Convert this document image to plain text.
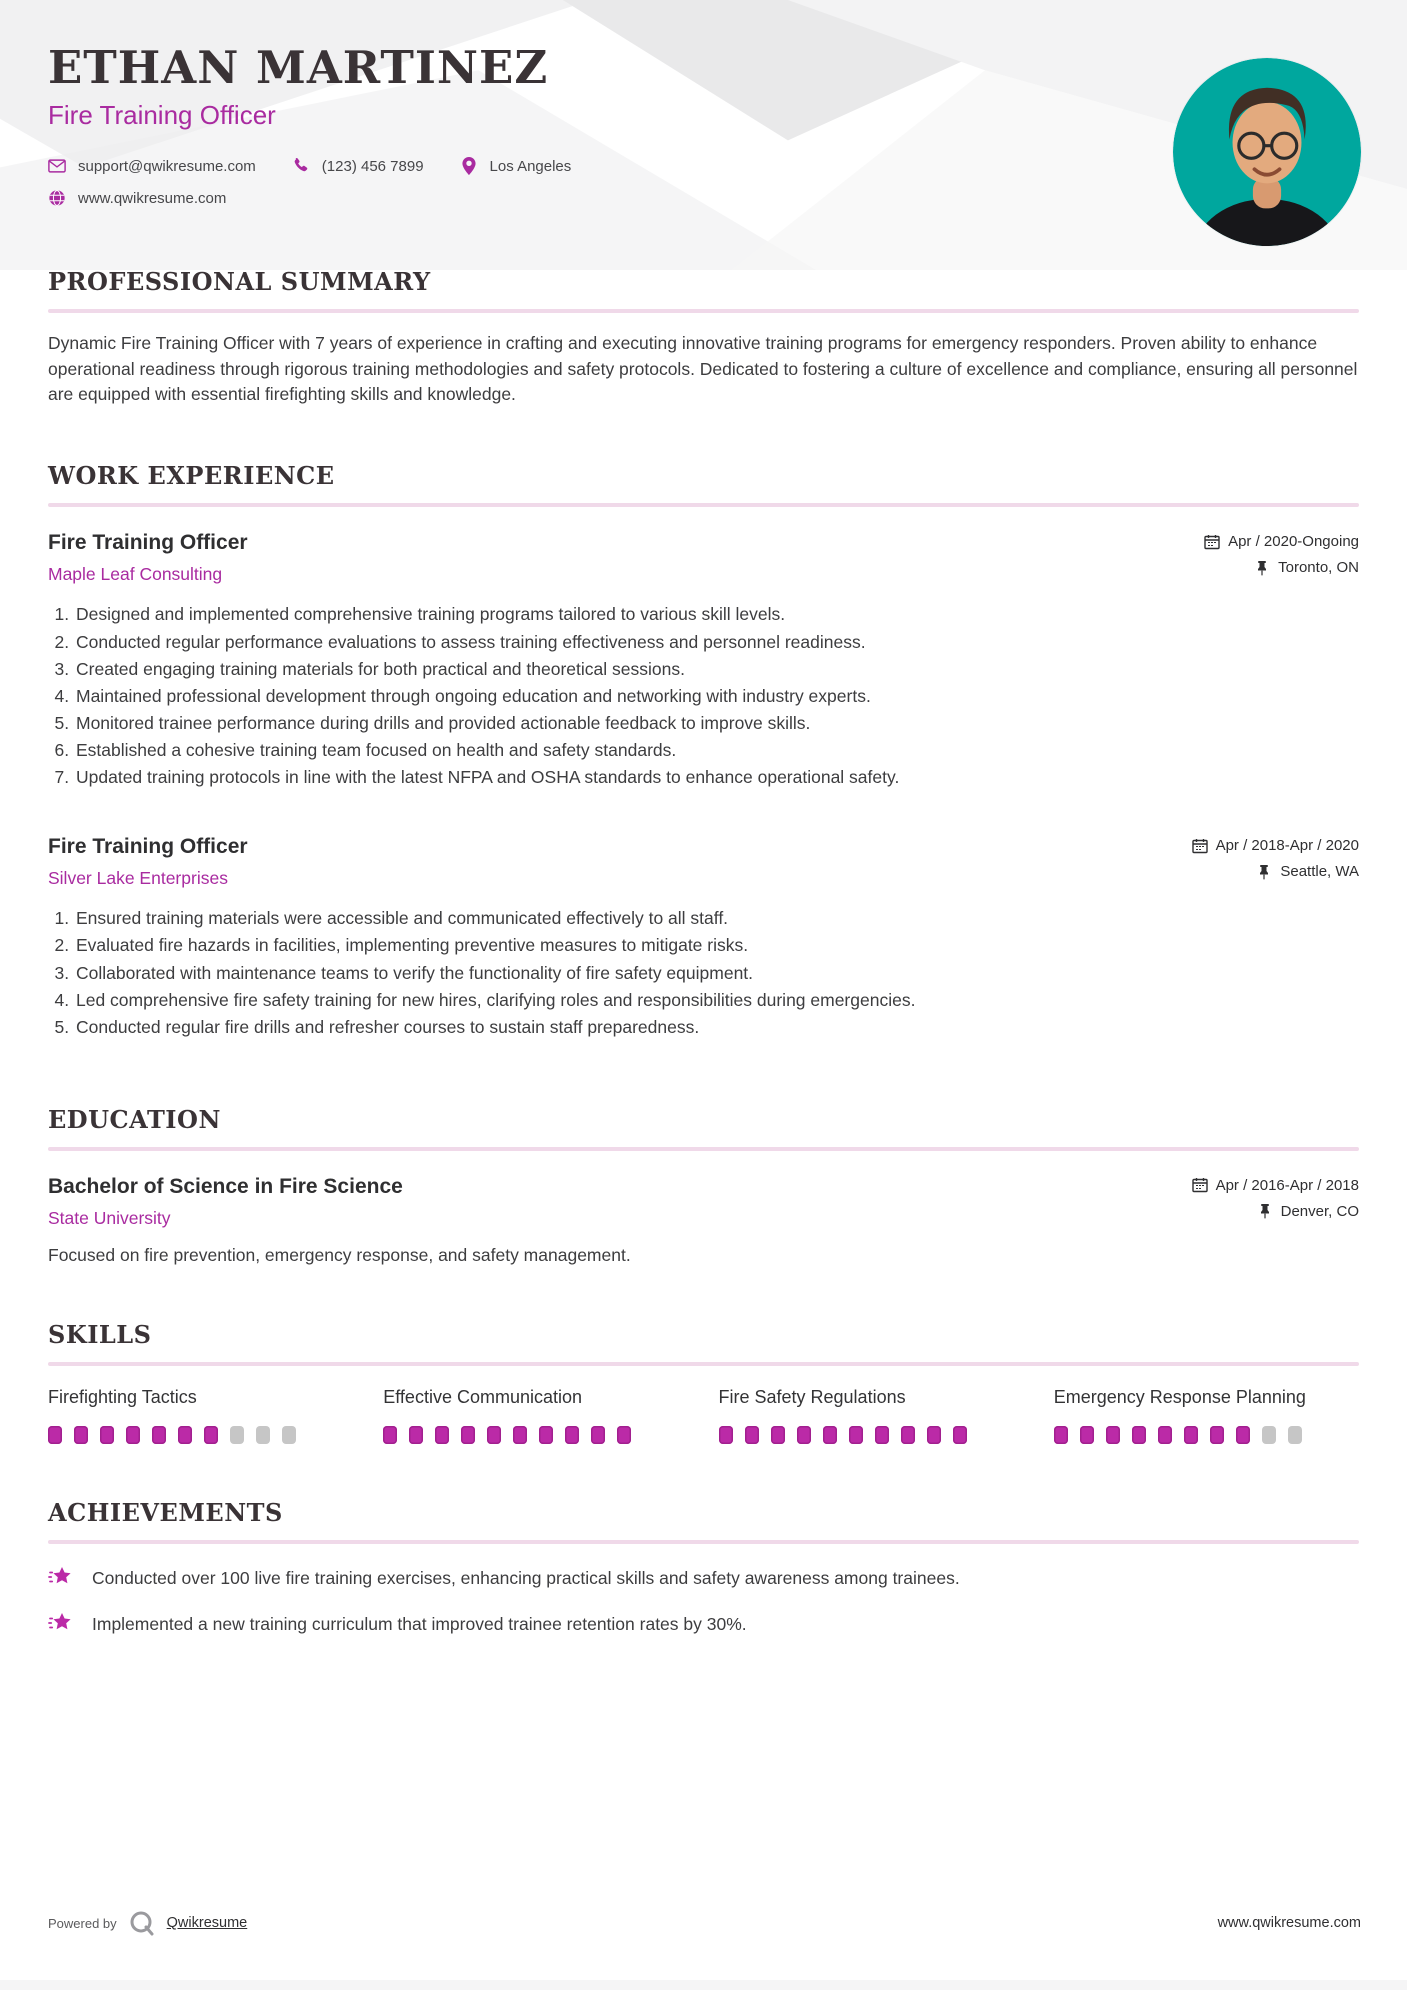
ETHAN MARTINEZ
Fire Training Officer
support@qwikresume.com	(123) 456 7899	Los Angeles
www.qwikresume.com
PROFESSIONAL SUMMARY
Dynamic Fire Training Officer with 7 years of experience in crafting and executing innovative training programs for emergency responders. Proven ability to enhance operational readiness through rigorous training methodologies and safety protocols. Dedicated to fostering a culture of excellence and compliance, ensuring all personnel are equipped with essential firefighting skills and knowledge.
WORK EXPERIENCE
Fire Training Officer
Maple Leaf Consulting
Apr / 2020-Ongoing
Toronto, ON
1. Designed and implemented comprehensive training programs tailored to various skill levels.
2. Conducted regular performance evaluations to assess training effectiveness and personnel readiness.
3. Created engaging training materials for both practical and theoretical sessions.
4. Maintained professional development through ongoing education and networking with industry experts.
5. Monitored trainee performance during drills and provided actionable feedback to improve skills.
6. Established a cohesive training team focused on health and safety standards.
7. Updated training protocols in line with the latest NFPA and OSHA standards to enhance operational safety.
Fire Training Officer
Silver Lake Enterprises
Apr / 2018-Apr / 2020
Seattle, WA
1. Ensured training materials were accessible and communicated effectively to all staff.
2. Evaluated fire hazards in facilities, implementing preventive measures to mitigate risks.
3. Collaborated with maintenance teams to verify the functionality of fire safety equipment.
4. Led comprehensive fire safety training for new hires, clarifying roles and responsibilities during emergencies.
5. Conducted regular fire drills and refresher courses to sustain staff preparedness.
EDUCATION
Bachelor of Science in Fire Science
State University
Apr / 2016-Apr / 2018
Denver, CO
Focused on fire prevention, emergency response, and safety management.
SKILLS
Firefighting Tactics	Effective Communication	Fire Safety Regulations	Emergency Response Planning
ACHIEVEMENTS
Conducted over 100 live fire training exercises, enhancing practical skills and safety awareness among trainees.
Implemented a new training curriculum that improved trainee retention rates by 30%.
Powered by	Qwikresume	www.qwikresume.com
